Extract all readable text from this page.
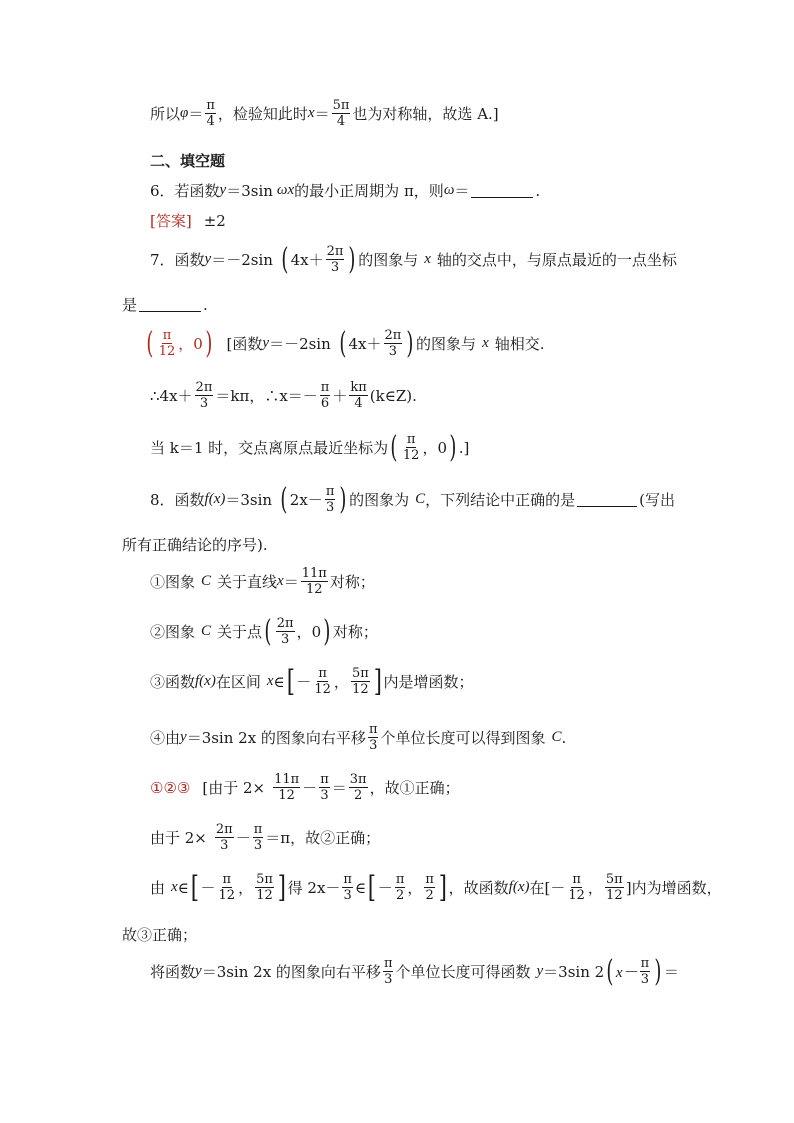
所以 $\varphi = \frac{\pi}{4}$ ，检验知此时 $x = \frac{5\pi}{4}$ 也为对称轴，故选 A.]
二、填空题
6．若函数 y ＝3sin ωx 的最小正周期为 π，则 ω ＝	.
[答案] ±2
7．函数 y ＝－2sin ( $4x+ \frac{2\pi}{3}$ ) 的图象与 x 轴的交点中，与原点最近的一点坐标
是	.
( $\frac{\pi}{12}$ ，0 ) [函数 y ＝－2sin ( $4x+ \frac{2\pi}{3}$ ) 的图象与 x 轴相交.
∴4x＋ $\frac{2\pi}{3} =k\pi$，∴x＝－ $\frac{\pi}{6} + \frac{k\pi}{4}$ (k∈Z).
当 k＝1 时，交点离原点最近坐标为 ( $\frac{\pi}{12}$ ，0 ) .]
8．函数 f(x) ＝3sin ( $2x- \frac{\pi}{3}$ ) 的图象为 C ，下列结论中正确的是	(写出
所有正确结论的序号).
①图象 C 关于直线 $x = \frac{11\pi}{12}$ 对称；
②图象 C 关于点 ( $\frac{2\pi}{3}$ ，0 ) 对称；
③函数 f(x) 在区间 x ∈ [ － $\frac{\pi}{12}$ ， $\frac{5\pi}{12}$ ] 内是增函数；
④由 y ＝3sin 2x 的图象向右平移 $\frac{\pi}{3}$ 个单位长度可以得到图象 C .
①②③ [由于 $2\times \frac{11\pi}{12} - \frac{\pi}{3} = \frac{3\pi}{2}$ ，故①正确；
由于 $2\times \frac{2\pi}{3} - \frac{\pi}{3} =\pi$，故②正确；
由 x ∈ [ － $\frac{\pi}{12}$ ， $\frac{5\pi}{12}$ ] 得 $2x- \frac{\pi}{3}$ ∈ [ － $\frac{\pi}{2}$ ， $\frac{\pi}{2}$ ] ，故函数 f(x) 在[－ $\frac{\pi}{12}$ ， $\frac{5\pi}{12}$ ]内为增函数，
故③正确；
将函数 y ＝3sin 2x 的图象向右平移 $\frac{\pi}{3}$ 个单位长度可得函数 y ＝3sin 2 ( $x- \frac{\pi}{3}$ ) ＝
